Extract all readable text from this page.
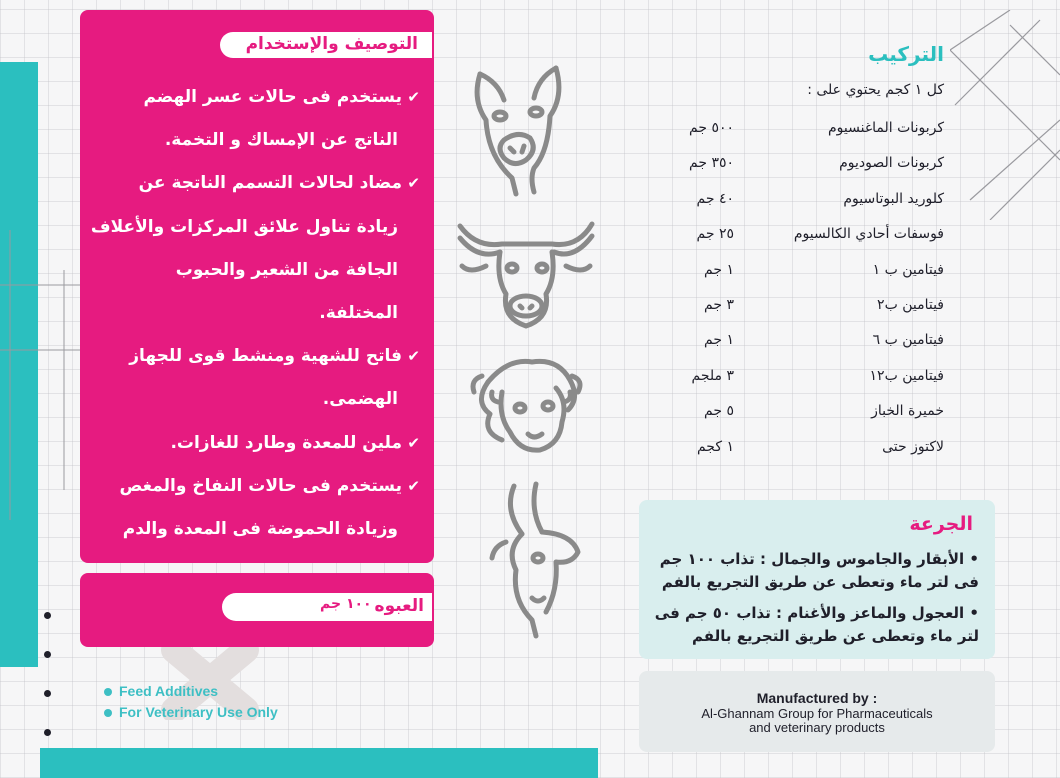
التوصيف والإستخدام
✔يستخدم فى حالات عسر الهضم
الناتج عن الإمساك و التخمة.
✔مضاد لحالات التسمم الناتجة عن
زيادة تناول علائق المركزات والأعلاف
الجافة من الشعير والحبوب
المختلفة.
✔فاتح للشهية ومنشط قوى للجهاز
الهضمى.
✔ملين للمعدة وطارد للغازات.
✔يستخدم فى حالات النفاخ والمغص
وزيادة الحموضة فى المعدة والدم
العبوه
١٠٠ جم
Feed Additives
For Veterinary Use Only
التركيب
كل ١ كجم يحتوي على :
كربونات الماغنسيوم
٥٠٠ جم
كربونات الصوديوم
٣٥٠ جم
كلوريد البوتاسيوم
٤٠ جم
فوسفات أحادي الكالسيوم
٢٥ جم
فيتامين ب ١
١ جم
فيتامين ب٢
٣ جم
فيتامين ب ٦
١ جم
فيتامين ب١٢
٣ ملجم
خميرة الخباز
٥ جم
لاكتوز حتى
١ كجم
الجرعة

• الأبقار والجاموس والجمال : تذاب ١٠٠ جم فى لتر ماء وتعطى عن طريق التجريع بالفم

• العجول والماعز والأغنام : تذاب ٥٠ جم فى لتر ماء وتعطى عن طريق التجريع بالفم

Manufactured by :
Al-Ghannam Group for Pharmaceuticals
and veterinary products
